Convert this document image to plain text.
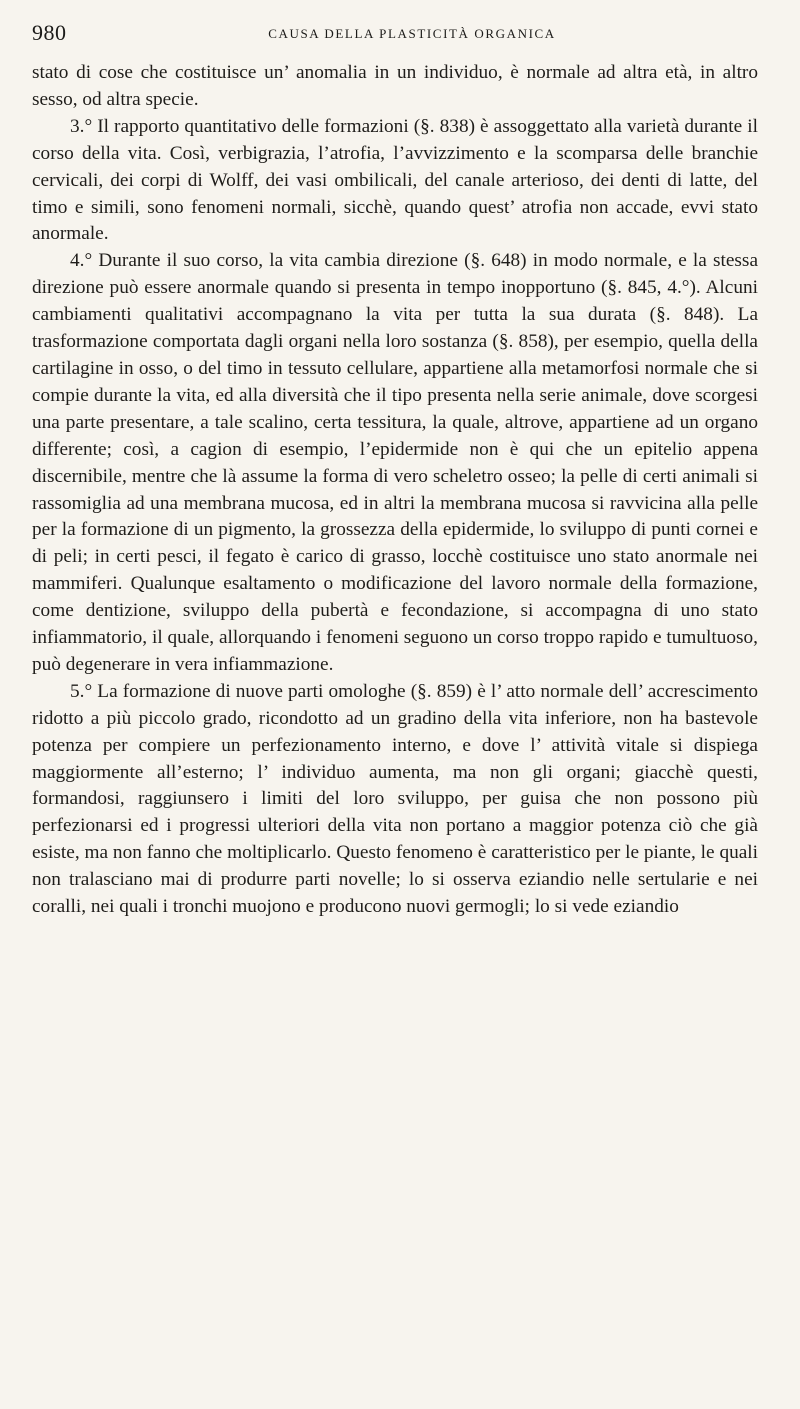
980	CAUSA DELLA PLASTICITÀ ORGANICA

stato di cose che costituisce un’ anomalia in un individuo, è normale ad altra età, in altro sesso, od altra specie.

3.° Il rapporto quantitativo delle formazioni (§. 838) è assoggettato alla varietà durante il corso della vita. Così, verbigrazia, l’atrofia, l’avvizzimento e la scomparsa delle branchie cervicali, dei corpi di Wolff, dei vasi ombilicali, del canale arterioso, dei denti di latte, del timo e simili, sono fenomeni normali, sicchè, quando quest’ atrofia non accade, evvi stato anormale.

4.° Durante il suo corso, la vita cambia direzione (§. 648) in modo normale, e la stessa direzione può essere anormale quando si presenta in tempo inopportuno (§. 845, 4.°). Alcuni cambiamenti qualitativi accompagnano la vita per tutta la sua durata (§. 848). La trasformazione comportata dagli organi nella loro sostanza (§. 858), per esempio, quella della cartilagine in osso, o del timo in tessuto cellulare, appartiene alla metamorfosi normale che si compie durante la vita, ed alla diversità che il tipo presenta nella serie animale, dove scorgesi una parte presentare, a tale scalino, certa tessitura, la quale, altrove, appartiene ad un organo differente; così, a cagion di esempio, l’epidermide non è qui che un epitelio appena discernibile, mentre che là assume la forma di vero scheletro osseo; la pelle di certi animali si rassomiglia ad una membrana mucosa, ed in altri la membrana mucosa si ravvicina alla pelle per la formazione di un pigmento, la grossezza della epidermide, lo sviluppo di punti cornei e di peli; in certi pesci, il fegato è carico di grasso, locchè costituisce uno stato anormale nei mammiferi. Qualunque esaltamento o modificazione del lavoro normale della formazione, come dentizione, sviluppo della pubertà e fecondazione, si accompagna di uno stato infiammatorio, il quale, allorquando i fenomeni seguono un corso troppo rapido e tumultuoso, può degenerare in vera infiammazione.

5.° La formazione di nuove parti omologhe (§. 859) è l’ atto normale dell’ accrescimento ridotto a più piccolo grado, ricondotto ad un gradino della vita inferiore, non ha bastevole potenza per compiere un perfezionamento interno, e dove l’ attività vitale si dispiega maggiormente all’esterno; l’ individuo aumenta, ma non gli organi; giacchè questi, formandosi, raggiunsero i limiti del loro sviluppo, per guisa che non possono più perfezionarsi ed i progressi ulteriori della vita non portano a maggior potenza ciò che già esiste, ma non fanno che moltiplicarlo. Questo fenomeno è caratteristico per le piante, le quali non tralasciano mai di produrre parti novelle; lo si osserva eziandio nelle sertularie e nei coralli, nei quali i tronchi muojono e producono nuovi germogli; lo si vede eziandio
